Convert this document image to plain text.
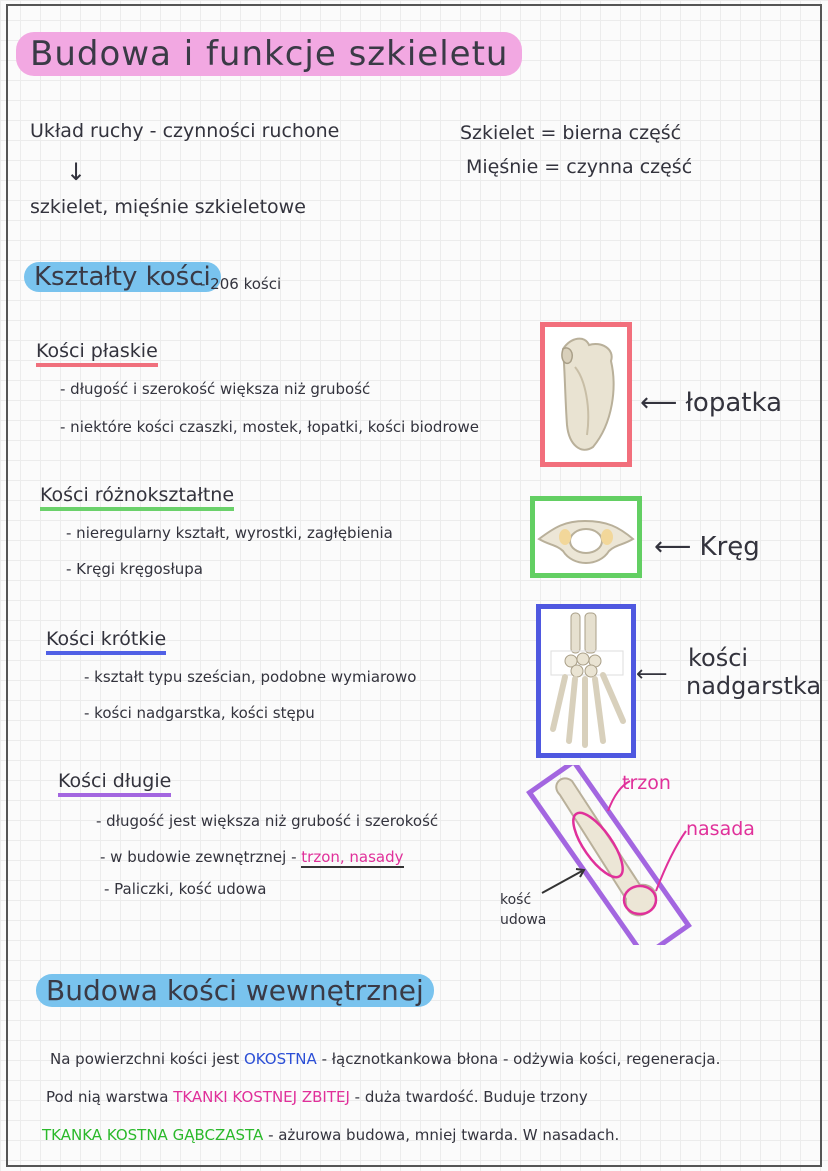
Budowa i funkcje szkieletu
Układ ruchy - czynności ruchone
↓
szkielet, mięśnie szkieletowe
Szkielet = bierna część
Mięśnie = czynna część
Kształty kości
- 206 kości
Kości płaskie
- długość i szerokość większa niż grubość
- niektóre kości czaszki, mostek, łopatki, kości biodrowe
⟵ łopatka
Kości różnokształtne
- nieregularny kształt, wyrostki, zagłębienia
- Kręgi kręgosłupa
⟵ Kręg
Kości krótkie
- kształt typu sześcian, podobne wymiarowo
- kości nadgarstka, kości stępu
⟵
kości
nadgarstka
Kości długie
- długość jest większa niż grubość i szerokość
- w budowie zewnętrznej - trzon, nasady
- Paliczki, kość udowa
trzon
nasada
kość
udowa
Budowa kości wewnętrznej
Na powierzchni kości jest OKOSTNA - łącznotkankowa błona - odżywia kości, regeneracja.
Pod nią warstwa TKANKI KOSTNEJ ZBITEJ - duża twardość. Buduje trzony
TKANKA KOSTNA GĄBCZASTA - ażurowa budowa, mniej twarda. W nasadach.
